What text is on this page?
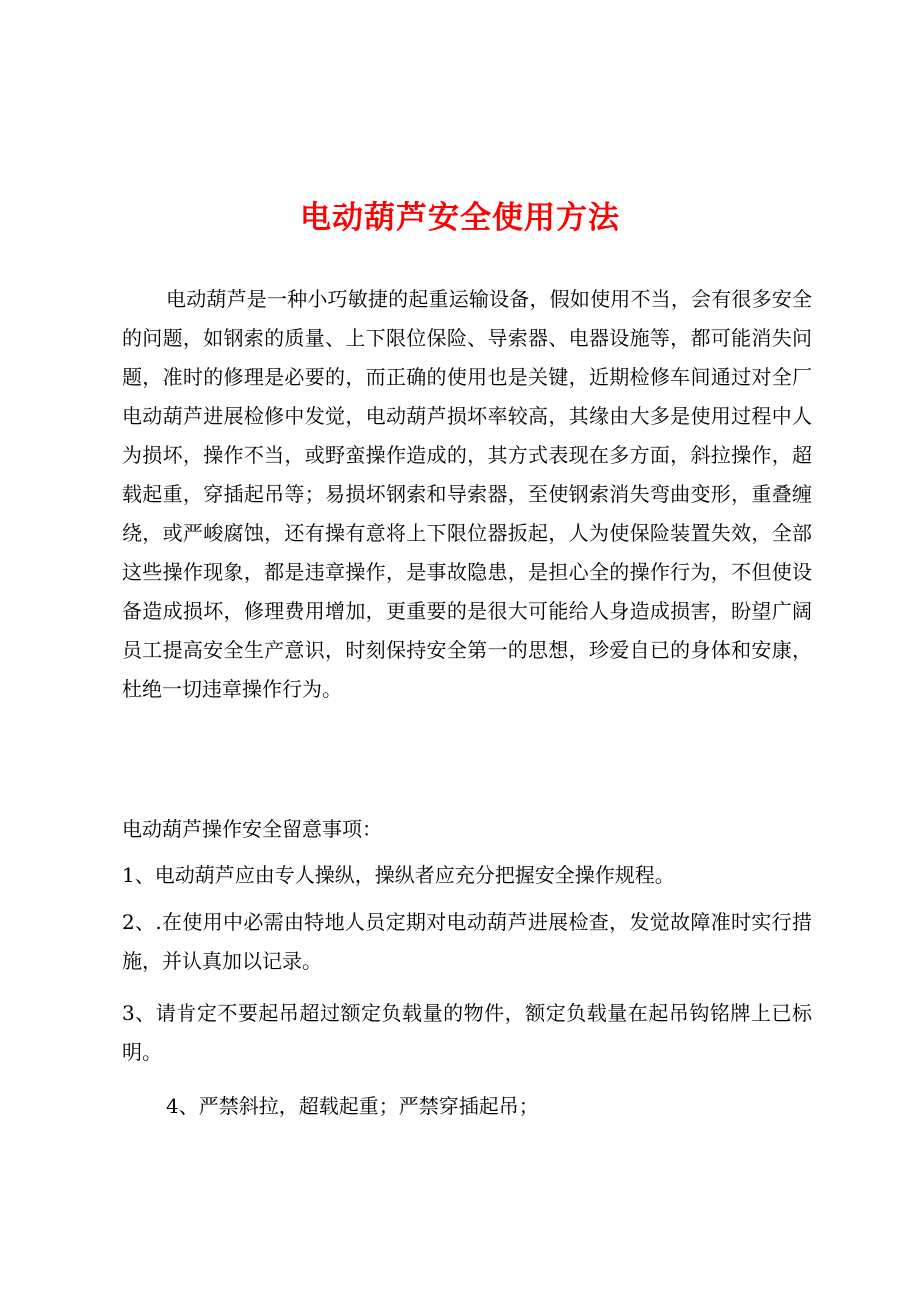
电动葫芦安全使用方法

电动葫芦是一种小巧敏捷的起重运输设备，假如使用不当，会有很多安全的问题，如钢索的质量、上下限位保险、导索器、电器设施等，都可能消失问题，准时的修理是必要的，而正确的使用也是关键，近期检修车间通过对全厂电动葫芦进展检修中发觉，电动葫芦损坏率较高，其缘由大多是使用过程中人为损坏，操作不当，或野蛮操作造成的，其方式表现在多方面，斜拉操作，超载起重，穿插起吊等；易损坏钢索和导索器，至使钢索消失弯曲变形，重叠缠绕，或严峻腐蚀，还有操有意将上下限位器扳起，人为使保险装置失效，全部这些操作现象，都是违章操作，是事故隐患，是担心全的操作行为，不但使设备造成损坏，修理费用增加，更重要的是很大可能给人身造成损害，盼望广阔员工提高安全生产意识，时刻保持安全第一的思想，珍爱自已的身体和安康，杜绝一切违章操作行为。

电动葫芦操作安全留意事项：

1、电动葫芦应由专人操纵，操纵者应充分把握安全操作规程。

2、.在使用中必需由特地人员定期对电动葫芦进展检查，发觉故障准时实行措施，并认真加以记录。

3、请肯定不要起吊超过额定负载量的物件，额定负载量在起吊钩铭牌上已标明。

4、严禁斜拉，超载起重；严禁穿插起吊；
